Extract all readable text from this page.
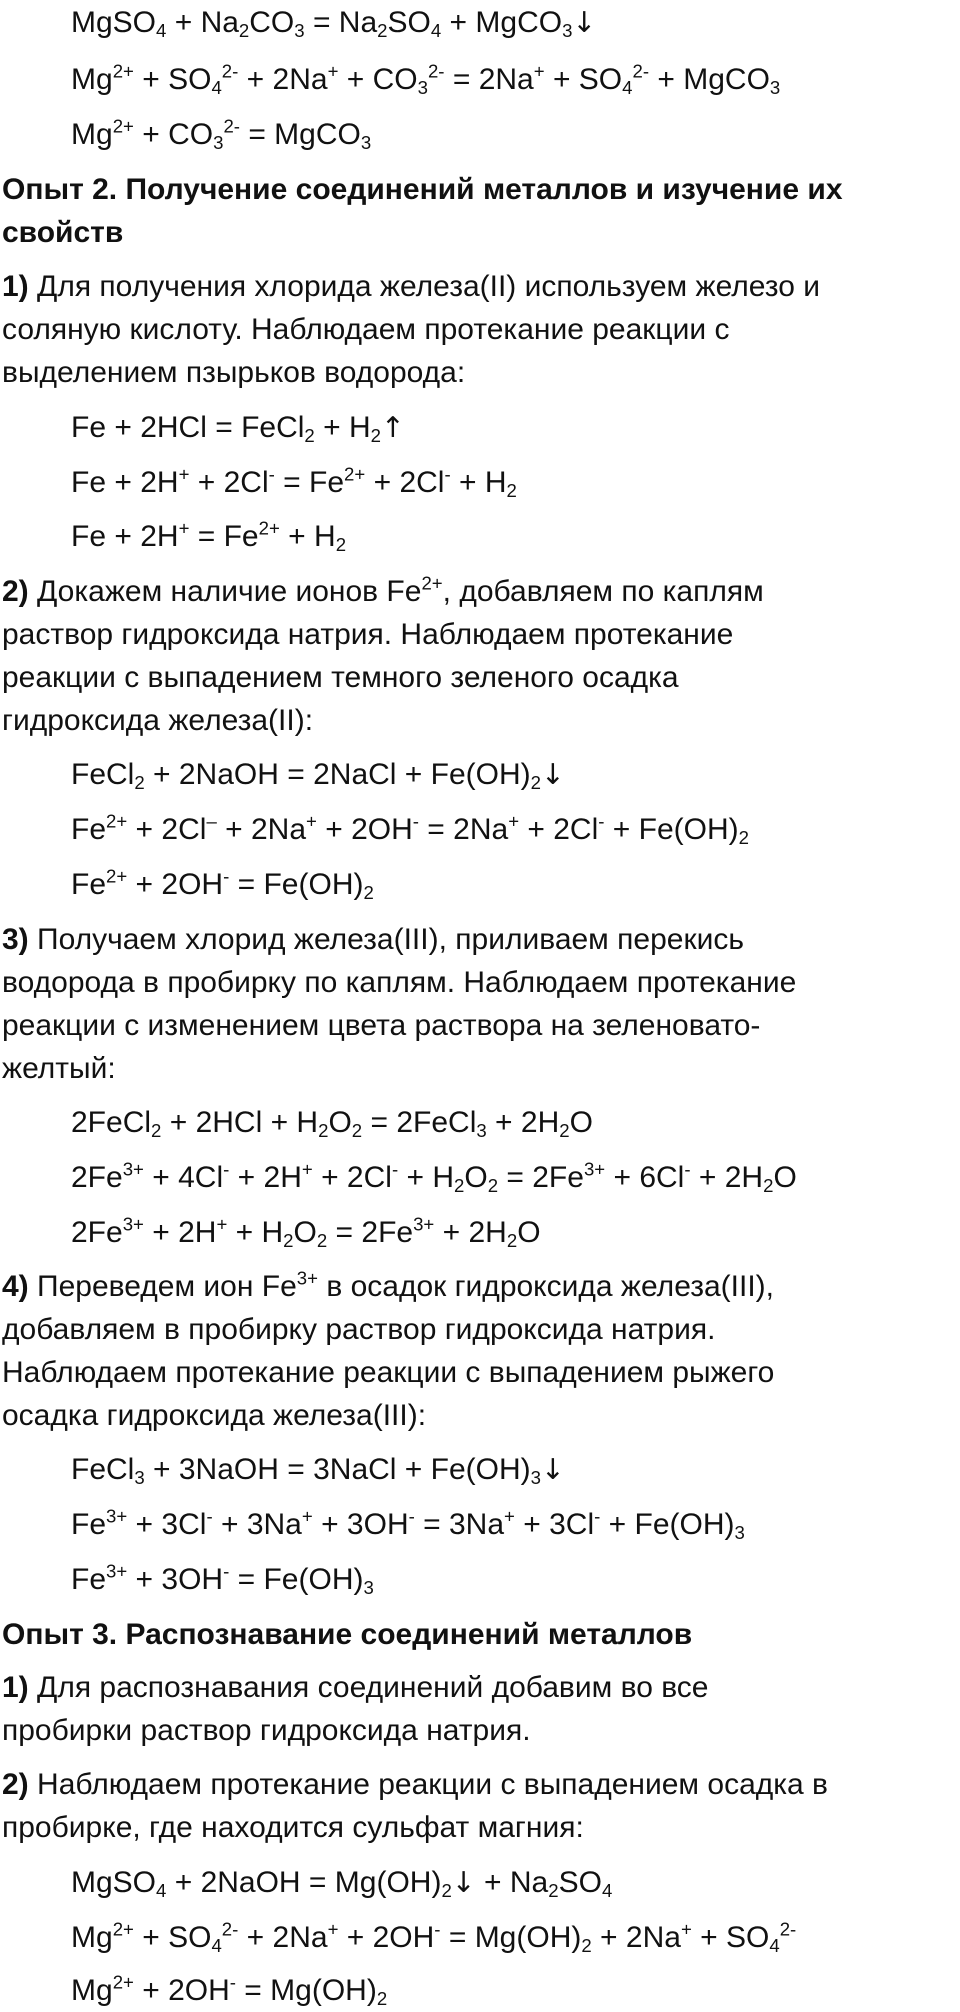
MgSO$_4$ + $Na_2CO_3 = Na_2SO_4$ + MgCO$_3$↓
$Mg^{2+} + SO_4^{2-} + 2Na^+ + CO_3^{2-} = 2Na^+ + SO_4^{2-}$ + MgCO$_3$
$Mg^{2+} + CO_3^{2-}$ = MgCO$_3$
Опыт 2. Получение соединений металлов и изучение их
свойств
1) Для получения хлорида железа(II) используем железо и
соляную кислоту. Наблюдаем протекание реакции с
выделением пзырьков водорода:
Fe + 2HCl = FeCl$_2$ + $H_2↑$
$Fe + 2H^+ + 2Cl^- = Fe^{2+} + 2Cl^- + H_2$
$Fe + 2H^+ = Fe^{2+} + H_2$
2) Докажем наличие ионов $Fe^{2+}$, добавляем по каплям
раствор гидроксида натрия. Наблюдаем протекание
реакции с выпадением темного зеленого осадка
гидроксида железа(II):
FeCl$_2$ + 2NaOH = 2NaCl + $Fe(OH)_2↓$
$Fe^{2+} + 2Cl^- + 2Na^+ + 2OH^- = 2Na^+ + 2Cl^- + Fe(OH)_2$
$Fe^{2+} + 2OH^- = Fe(OH)_2$
3) Получаем хлорид железа(III), приливаем перекись
водорода в пробирку по каплям. Наблюдаем протекание
реакции с изменением цвета раствора на зеленовато-
желтый:
2FeCl$_2$ + $2HCl + H_2O_2$ = 2FeCl$_3$ + $2H_2O$
$2Fe^{3+} + 4Cl^- + 2H^+ + 2Cl^- + H_2O_2 = 2Fe^{3+} + 6Cl^- + 2H_2O$
$2Fe^{3+} + 2H^+ + H_2O_2 = 2Fe^{3+} + 2H_2O$
4) Переведем ион $Fe^{3+}$ в осадок гидроксида железа(III),
добавляем в пробирку раствор гидроксида натрия.
Наблюдаем протекание реакции с выпадением рыжего
осадка гидроксида железа(III):
FeCl$_3$ + 3NaOH = 3NaCl + $Fe(OH)_3↓$
$Fe^{3+} + 3Cl^- + 3Na^+ + 3OH^- = 3Na^+ + 3Cl^- + Fe(OH)_3$
$Fe^{3+} + 3OH^- = Fe(OH)_3$
Опыт 3. Распознавание соединений металлов
1) Для распознавания соединений добавим во все
пробирки раствор гидроксида натрия.
2) Наблюдаем протекание реакции с выпадением осадка в
пробирке, где находится сульфат магния:
MgSO$_4$ + 2NaOH = $Mg(OH)_2↓ + Na_2SO_4$
$Mg^{2+} + SO_4^{2-} + 2Na^+ + 2OH^- = Mg(OH)_2 + 2Na^+ + SO_4^{2-}$
$Mg^{2+} + 2OH^- = Mg(OH)_2$
